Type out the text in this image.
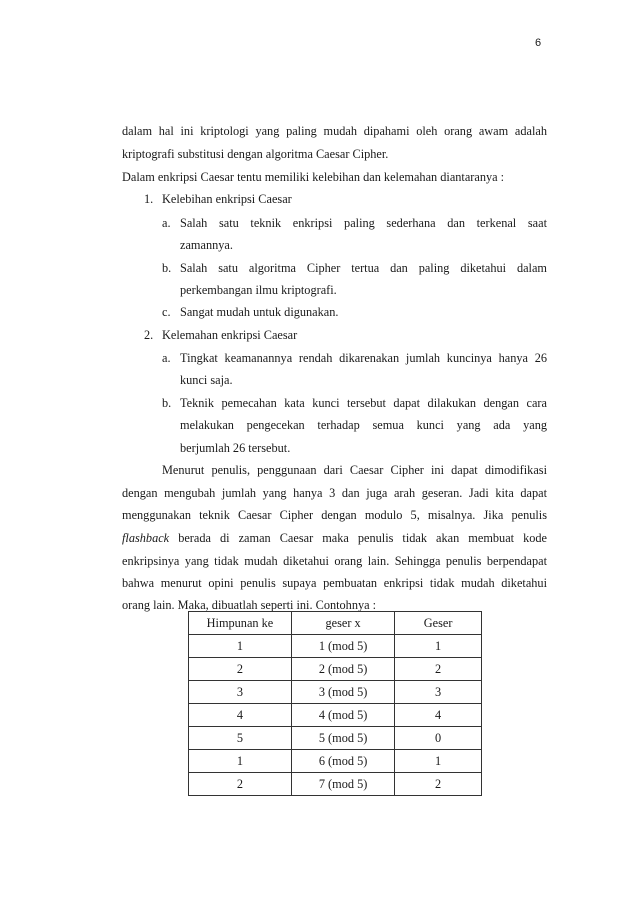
6
dalam hal ini kriptologi yang paling mudah dipahami oleh orang awam adalah
kriptografi substitusi dengan algoritma Caesar Cipher.
Dalam enkripsi Caesar tentu memiliki kelebihan dan kelemahan diantaranya :
1. Kelebihan enkripsi Caesar
a. Salah satu teknik enkripsi paling sederhana dan terkenal saat
zamannya.
b. Salah satu algoritma Cipher tertua dan paling diketahui dalam
perkembangan ilmu kriptografi.
c. Sangat mudah untuk digunakan.
2. Kelemahan enkripsi Caesar
a. Tingkat keamanannya rendah dikarenakan jumlah kuncinya hanya 26
kunci saja.
b. Teknik pemecahan kata kunci tersebut dapat dilakukan dengan cara
melakukan pengecekan terhadap semua kunci yang ada yang
berjumlah 26 tersebut.
Menurut penulis, penggunaan dari Caesar Cipher ini dapat dimodifikasi
dengan mengubah jumlah yang hanya 3 dan juga arah geseran. Jadi kita dapat
menggunakan teknik Caesar Cipher dengan modulo 5, misalnya. Jika penulis
flashback berada di zaman Caesar maka penulis tidak akan membuat kode
enkripsinya yang tidak mudah diketahui orang lain. Sehingga penulis berpendapat
bahwa menurut opini penulis supaya pembuatan enkripsi tidak mudah diketahui
orang lain. Maka, dibuatlah seperti ini. Contohnya :
Himpunan ke	geser x	Geser
1	1 (mod 5)	1
2	2 (mod 5)	2
3	3 (mod 5)	3
4	4 (mod 5)	4
5	5 (mod 5)	0
1	6 (mod 5)	1
2	7 (mod 5)	2
